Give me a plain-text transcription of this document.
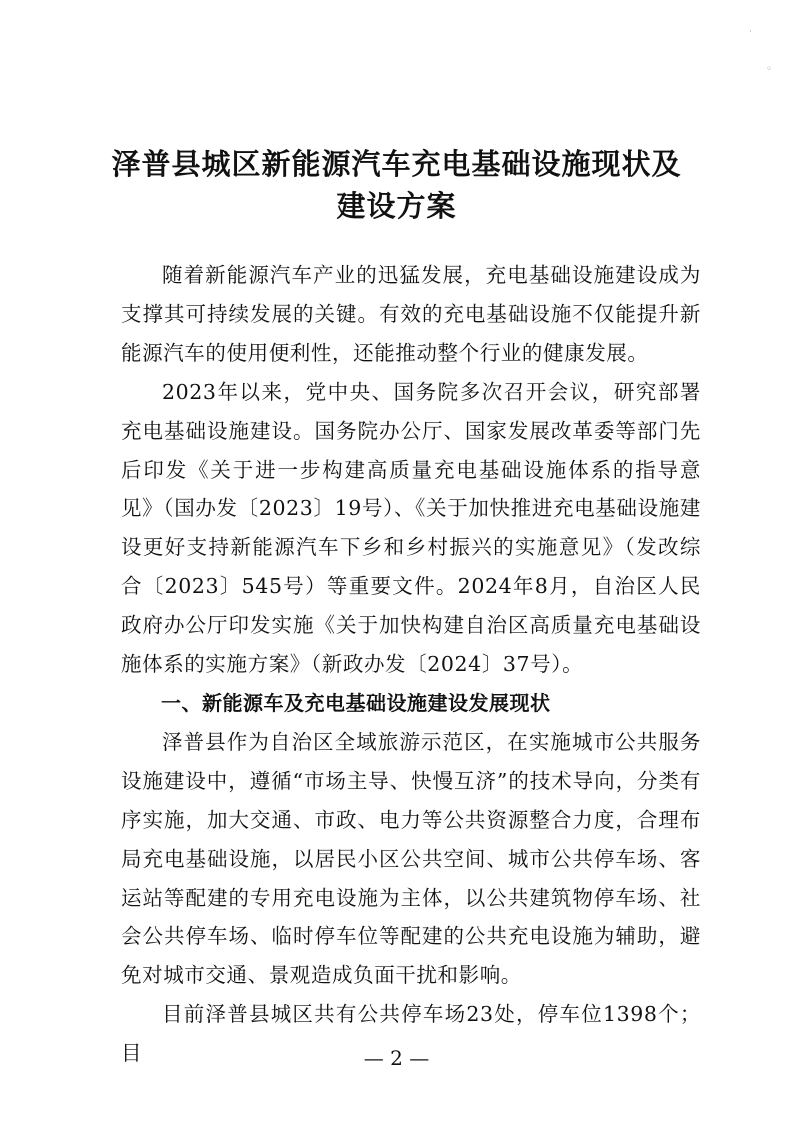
泽普县城区新能源汽车充电基础设施现状及
建设方案

随着新能源汽车产业的迅猛发展，充电基础设施建设成为支撑其可持续发展的关键。有效的充电基础设施不仅能提升新能源汽车的使用便利性，还能推动整个行业的健康发展。

2023年以来，党中央、国务院多次召开会议，研究部署充电基础设施建设。国务院办公厅、国家发展改革委等部门先后印发《关于进一步构建高质量充电基础设施体系的指导意见》（国办发〔2023〕19号）、《关于加快推进充电基础设施建设更好支持新能源汽车下乡和乡村振兴的实施意见》（发改综合〔2023〕545号）等重要文件。2024年8月，自治区人民政府办公厅印发实施《关于加快构建自治区高质量充电基础设施体系的实施方案》（新政办发〔2024〕37号）。

一、新能源车及充电基础设施建设发展现状

泽普县作为自治区全域旅游示范区，在实施城市公共服务设施建设中，遵循“市场主导、快慢互济”的技术导向，分类有序实施，加大交通、市政、电力等公共资源整合力度，合理布局充电基础设施，以居民小区公共空间、城市公共停车场、客运站等配建的专用充电设施为主体，以公共建筑物停车场、社会公共停车场、临时停车位等配建的公共充电设施为辅助，避免对城市交通、景观造成负面干扰和影响。

目前泽普县城区共有公共停车场23处，停车位1398个；目	— 2 —
˙
◦
